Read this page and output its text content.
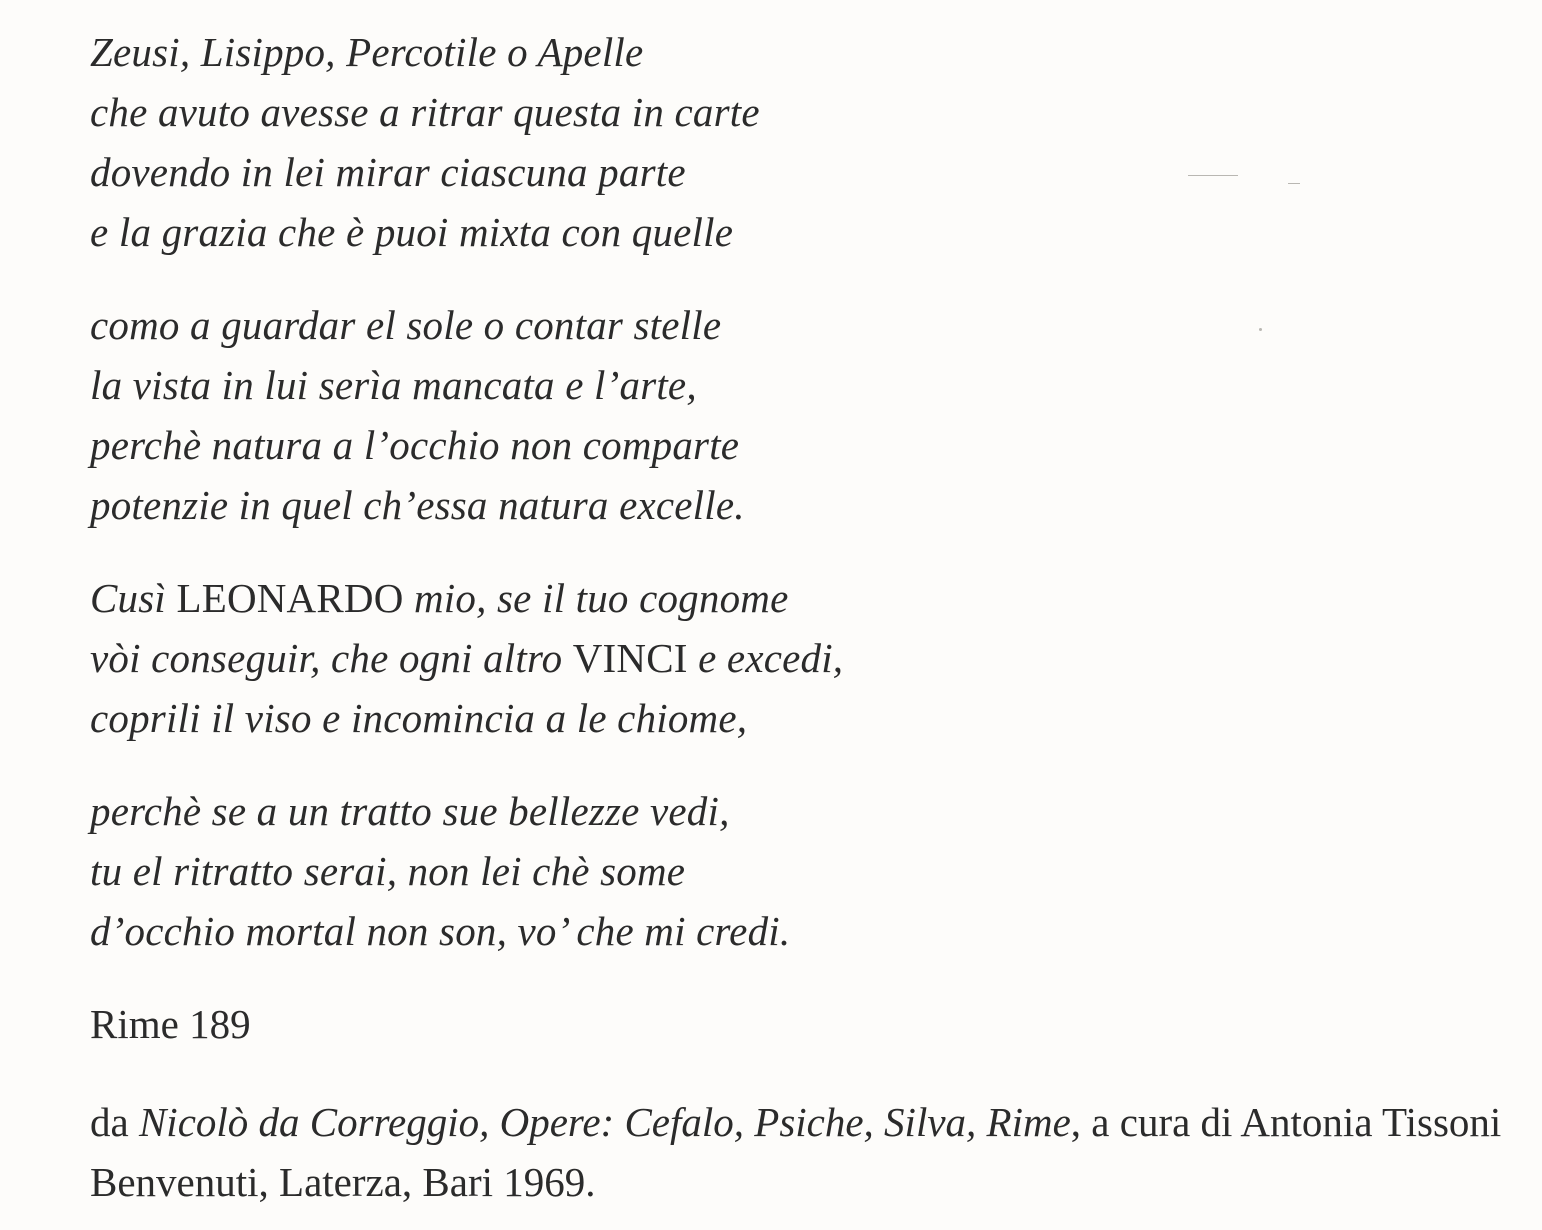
Zeusi, Lisippo, Percotile o Apelle
che avuto avesse a ritrar questa in carte
dovendo in lei mirar ciascuna parte
e la grazia che è puoi mixta con quelle
como a guardar el sole o contar stelle
la vista in lui serìa mancata e l’arte,
perchè natura a l’occhio non comparte
potenzie in quel ch’essa natura excelle.
Cusì LEONARDO mio, se il tuo cognome
vòi conseguir, che ogni altro VINCI e excedi,
coprili il viso e incomincia a le chiome,
perchè se a un tratto sue bellezze vedi,
tu el ritratto serai, non lei chè some
d’occhio mortal non son, vo’ che mi credi.
Rime 189
da Nicolò da Correggio, Opere: Cefalo, Psiche, Silva, Rime, a cura di Antonia Tissoni Benvenuti, Laterza, Bari 1969.
